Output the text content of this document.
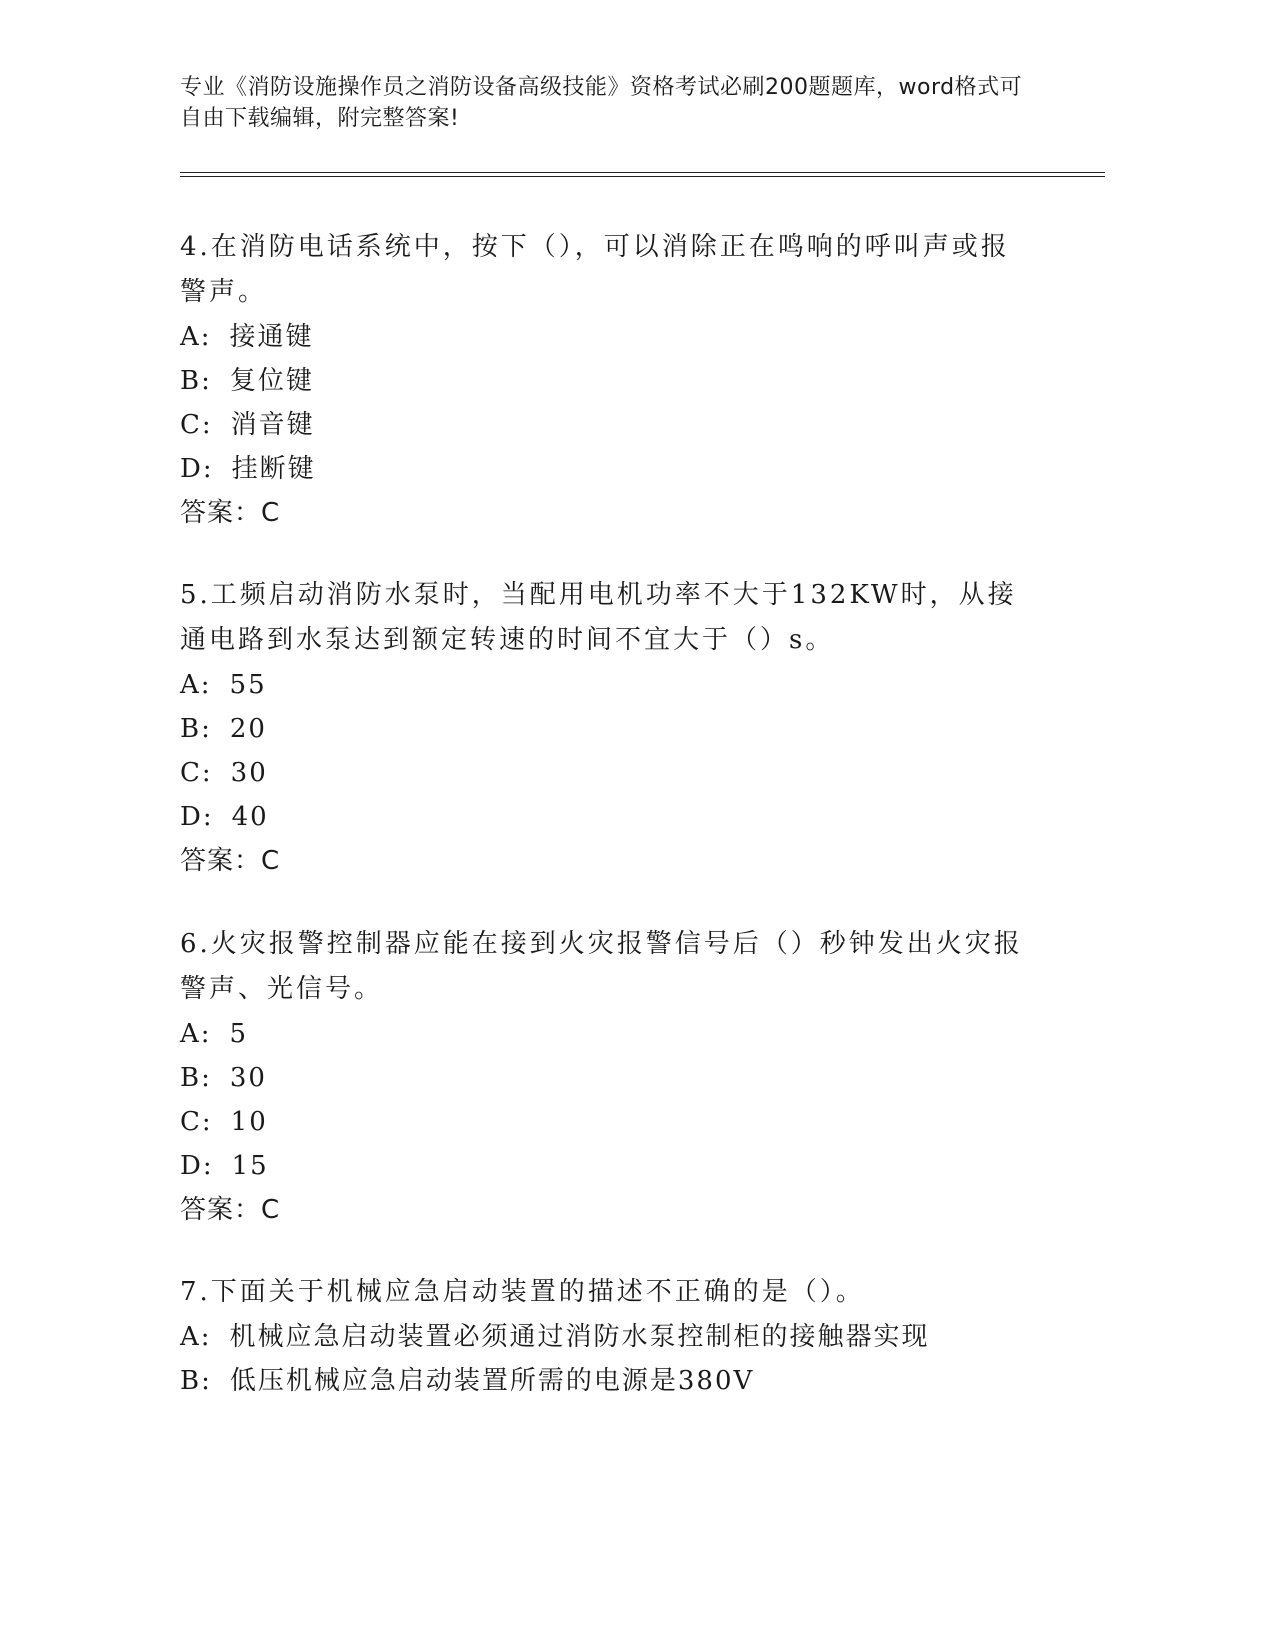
专业《消防设施操作员之消防设备高级技能》资格考试必刷200题题库，word格式可自由下载编辑，附完整答案!

4.在消防电话系统中，按下（），可以消除正在鸣响的呼叫声或报警声。

A: 接通键

B: 复位键

C: 消音键

D: 挂断键

答案：C

5.工频启动消防水泵时，当配用电机功率不大于132KW时，从接通电路到水泵达到额定转速的时间不宜大于（）s。

A: 55

B: 20

C: 30

D: 40

答案：C

6.火灾报警控制器应能在接到火灾报警信号后（）秒钟发出火灾报警声、光信号。

A: 5

B: 30

C: 10

D: 15

答案：C

7.下面关于机械应急启动装置的描述不正确的是（）。

A: 机械应急启动装置必须通过消防水泵控制柜的接触器实现

B: 低压机械应急启动装置所需的电源是380V
